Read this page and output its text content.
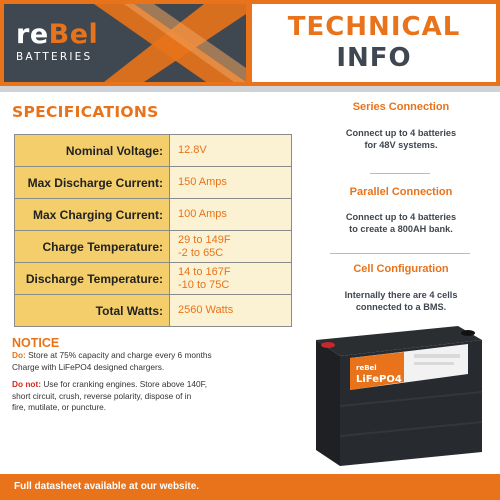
reBel
BATTERIES
TECHNICAL
INFO
SPECIFICATIONS
Nominal Voltage:	12.8V
Max Discharge Current:	150 Amps
Max Charging Current:	100 Amps
Charge Temperature:	29 to 149F
-2 to 65C

Discharge Temperature:	14 to 167F
-10 to 75C

Total Watts:	2560 Watts
NOTICE
Do: Store at 75% capacity and charge every 6 months
Charge with LiFePO4 designed chargers.
Do not: Use for cranking engines. Store above 140F,
short circuit, crush, reverse polarity, dispose of in
fire, mutilate, or puncture.
Series Connection
Connect up to 4 batteries
for 48V systems.
Parallel Connection
Connect up to 4 batteries
to create a 800AH bank.
Cell Configuration
Internally there are 4 cells
connected to a BMS.
reBel
LiFePO4
Full datasheet available at our website.
